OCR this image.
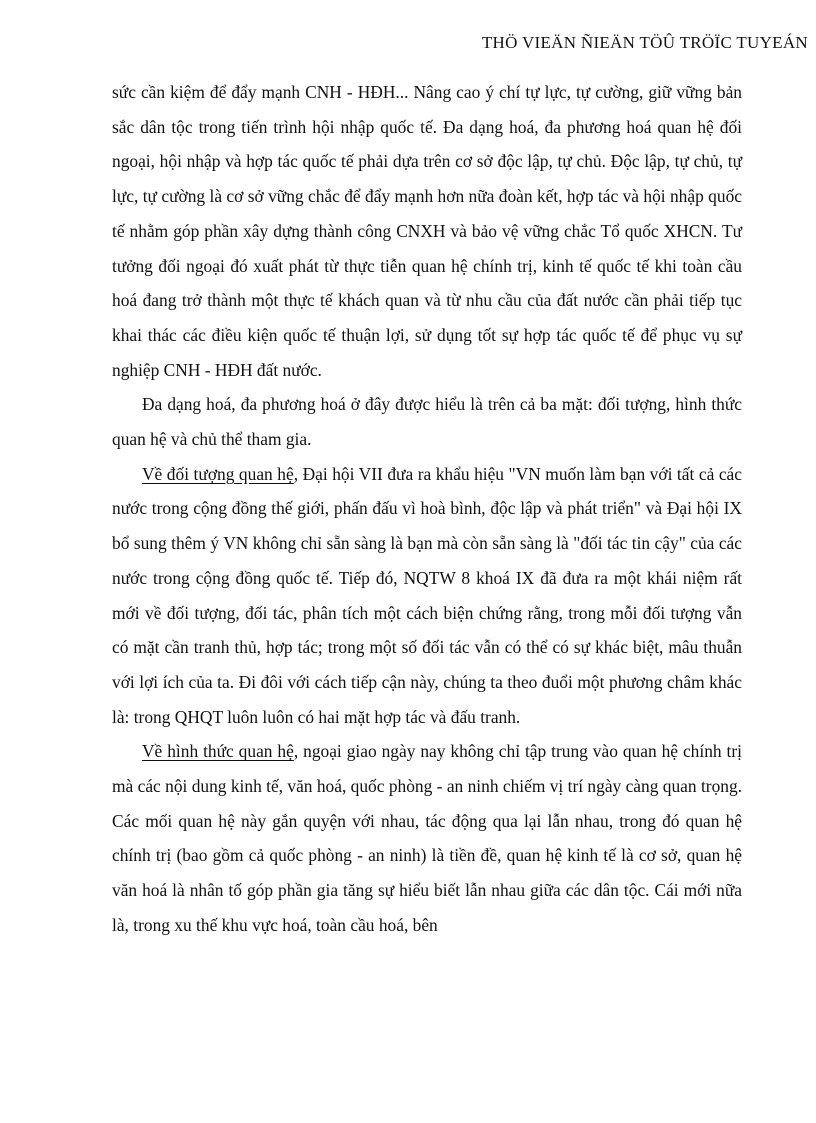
THÖ VIEÄN ÑIEÄN TÖÛ TRÖÏC TUYEÁN

sức cần kiệm để đẩy mạnh CNH - HĐH... Nâng cao ý chí tự lực, tự cường, giữ vững bản sắc dân tộc trong tiến trình hội nhập quốc tế. Đa dạng hoá, đa phương hoá quan hệ đối ngoại, hội nhập và hợp tác quốc tế phải dựa trên cơ sở độc lập, tự chủ. Độc lập, tự chủ, tự lực, tự cường là cơ sở vững chắc để đẩy mạnh hơn nữa đoàn kết, hợp tác và hội nhập quốc tế nhằm góp phần xây dựng thành công CNXH và bảo vệ vững chắc Tổ quốc XHCN. Tư tưởng đối ngoại đó xuất phát từ thực tiễn quan hệ chính trị, kinh tế quốc tế khi toàn cầu hoá đang trở thành một thực tế khách quan và từ nhu cầu của đất nước cần phải tiếp tục khai thác các điều kiện quốc tế thuận lợi, sử dụng tốt sự hợp tác quốc tế để phục vụ sự nghiệp CNH - HĐH đất nước.

Đa dạng hoá, đa phương hoá ở đây được hiểu là trên cả ba mặt: đối tượng, hình thức quan hệ và chủ thể tham gia.

Về đối tượng quan hệ, Đại hội VII đưa ra khẩu hiệu "VN muốn làm bạn với tất cả các nước trong cộng đồng thế giới, phấn đấu vì hoà bình, độc lập và phát triển" và Đại hội IX bổ sung thêm ý VN không chỉ sẵn sàng là bạn mà còn sẵn sàng là "đối tác tin cậy" của các nước trong cộng đồng quốc tế. Tiếp đó, NQTW 8 khoá IX đã đưa ra một khái niệm rất mới về đối tượng, đối tác, phân tích một cách biện chứng rằng, trong mỗi đối tượng vẫn có mặt cần tranh thủ, hợp tác; trong một số đối tác vẫn có thể có sự khác biệt, mâu thuẫn với lợi ích của ta. Đi đôi với cách tiếp cận này, chúng ta theo đuổi một phương châm khác là: trong QHQT luôn luôn có hai mặt hợp tác và đấu tranh.

Về hình thức quan hệ, ngoại giao ngày nay không chỉ tập trung vào quan hệ chính trị mà các nội dung kinh tế, văn hoá, quốc phòng - an ninh chiếm vị trí ngày càng quan trọng. Các mối quan hệ này gắn quyện với nhau, tác động qua lại lẫn nhau, trong đó quan hệ chính trị (bao gồm cả quốc phòng - an ninh) là tiền đề, quan hệ kinh tế là cơ sở, quan hệ văn hoá là nhân tố góp phần gia tăng sự hiểu biết lẫn nhau giữa các dân tộc. Cái mới nữa là, trong xu thế khu vực hoá, toàn cầu hoá, bên
